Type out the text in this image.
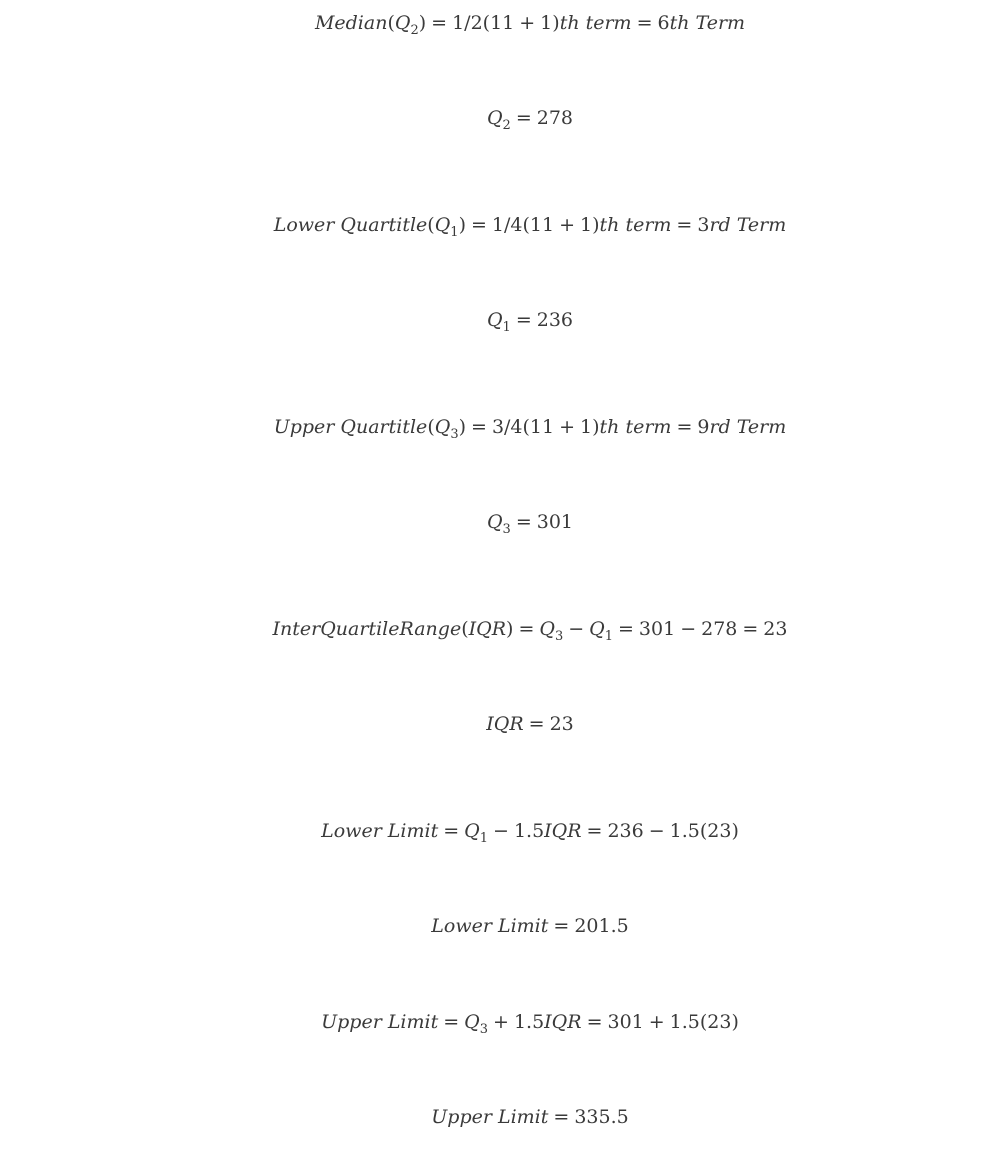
$Median(Q_2) = 1/2(11 + 1)th$ term = 6th Term
$Q_2 = 278$
Lower $Quartitle(Q_1) = 1/4(11 + 1)th$ term = 3rd Term
$Q_1 = 236$
Upper $Quartitle(Q_3) = 3/4(11 + 1)th$ term = 9rd Term
$Q_3 = 301$
InterQuartileRange(IQR) = $Q_3 - Q_1 = 301 - 278 = 23$
IQR = 23
Lower Limit = $Q_1 - 1.5IQR = 236 - 1.5(23)$
Lower Limit = 201.5
Upper Limit = $Q_3 + 1.5IQR = 301 + 1.5(23)$
Upper Limit = 335.5
